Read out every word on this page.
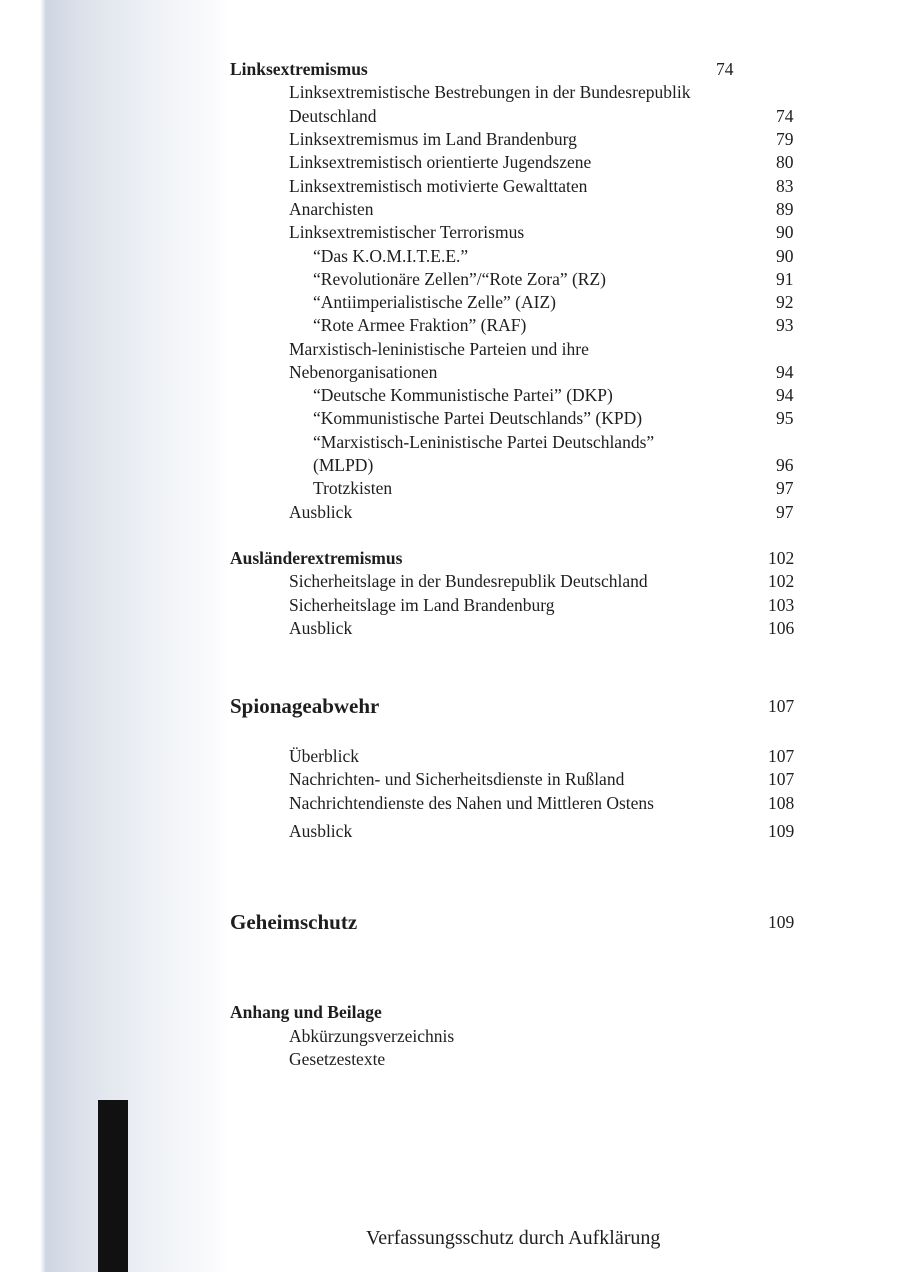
Linksextremismus	74
Linksextremistische Bestrebungen in der Bundesrepublik
Deutschland	74
Linksextremismus im Land Brandenburg	79
Linksextremistisch orientierte Jugendszene	80
Linksextremistisch motivierte Gewalttaten	83
Anarchisten	89
Linksextremistischer Terrorismus	90
“Das K.O.M.I.T.E.E.”	90
“Revolutionäre Zellen”/“Rote Zora” (RZ)	91
“Antiimperialistische Zelle” (AIZ)	92
“Rote Armee Fraktion” (RAF)	93
Marxistisch-leninistische Parteien und ihre
Nebenorganisationen	94
“Deutsche Kommunistische Partei” (DKP)	94
“Kommunistische Partei Deutschlands” (KPD)	95
“Marxistisch-Leninistische Partei Deutschlands”
(MLPD)	96
Trotzkisten	97
Ausblick	97
Ausländerextremismus	102
Sicherheitslage in der Bundesrepublik Deutschland	102
Sicherheitslage im Land Brandenburg	103
Ausblick	106
Spionageabwehr	107
Überblick	107
Nachrichten- und Sicherheitsdienste in Rußland	107
Nachrichtendienste des Nahen und Mittleren Ostens	108
Ausblick	109
Geheimschutz	109
Anhang und Beilage
Abkürzungsverzeichnis
Gesetzestexte
Verfassungsschutz durch Aufklärung
